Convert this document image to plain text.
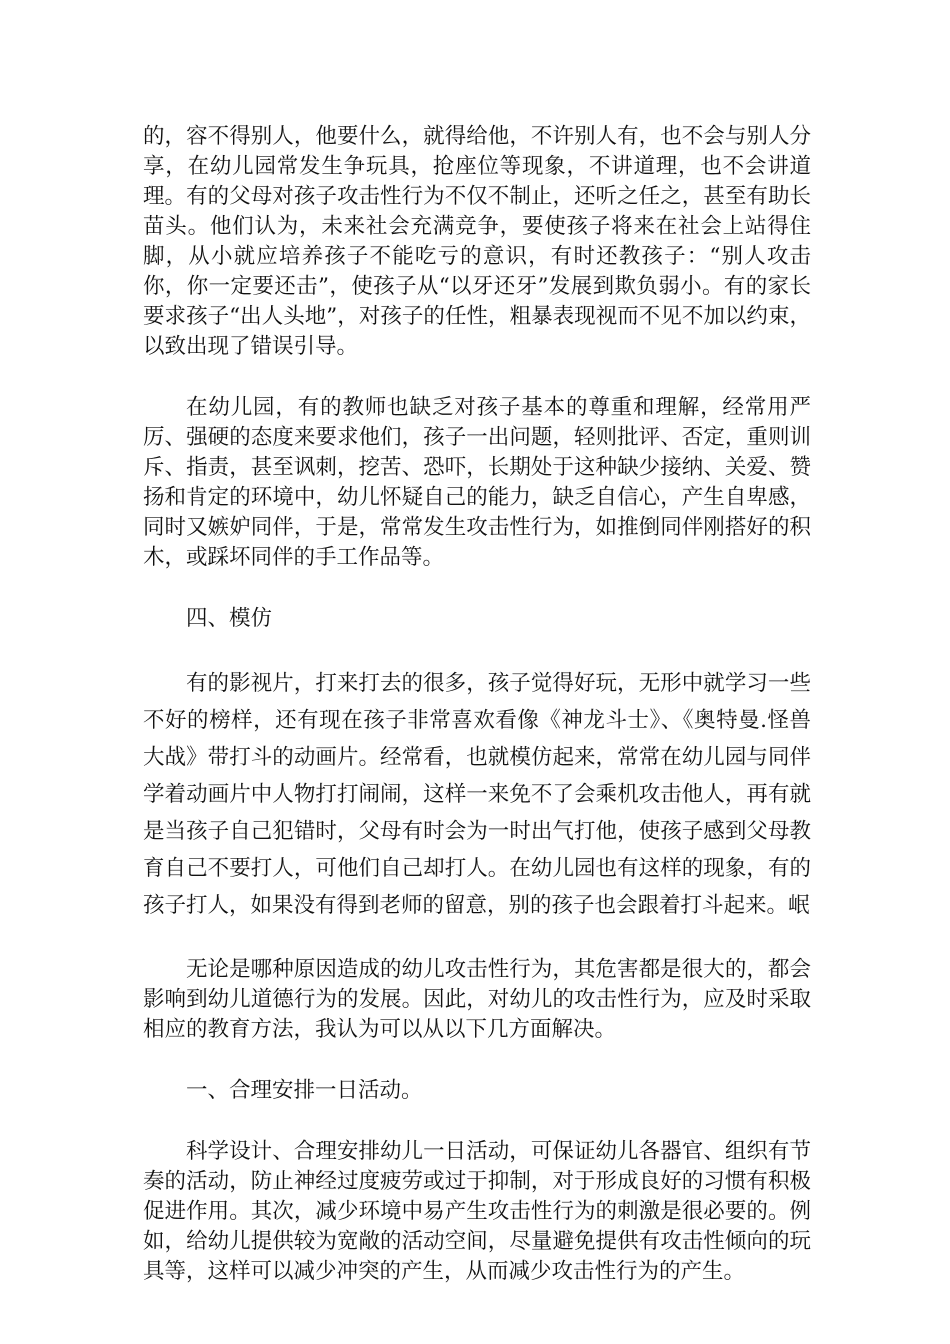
的，容不得别人，他要什么，就得给他，不许别人有，也不会与别人分享，在幼儿园常发生争玩具，抢座位等现象，不讲道理，也不会讲道理。有的父母对孩子攻击性行为不仅不制止，还听之任之，甚至有助长苗头。他们认为，未来社会充满竞争，要使孩子将来在社会上站得住脚，从小就应培养孩子不能吃亏的意识，有时还教孩子：“别人攻击你，你一定要还击”，使孩子从“以牙还牙”发展到欺负弱小。有的家长要求孩子“出人头地”，对孩子的任性，粗暴表现视而不见不加以约束，以致出现了错误引导。

在幼儿园，有的教师也缺乏对孩子基本的尊重和理解，经常用严厉、强硬的态度来要求他们，孩子一出问题，轻则批评、否定，重则训斥、指责，甚至讽刺，挖苦、恐吓，长期处于这种缺少接纳、关爱、赞扬和肯定的环境中，幼儿怀疑自己的能力，缺乏自信心，产生自卑感，同时又嫉妒同伴，于是，常常发生攻击性行为，如推倒同伴刚搭好的积木，或踩坏同伴的手工作品等。

四、模仿

有的影视片，打来打去的很多，孩子觉得好玩，无形中就学习一些不好的榜样，还有现在孩子非常喜欢看像《神龙斗士》、《奥特曼.怪兽大战》带打斗的动画片。经常看，也就模仿起来，常常在幼儿园与同伴学着动画片中人物打打闹闹，这样一来免不了会乘机攻击他人，再有就是当孩子自己犯错时，父母有时会为一时出气打他，使孩子感到父母教育自己不要打人，可他们自己却打人。在幼儿园也有这样的现象，有的孩子打人，如果没有得到老师的留意，别的孩子也会跟着打斗起来。岷

无论是哪种原因造成的幼儿攻击性行为，其危害都是很大的，都会影响到幼儿道德行为的发展。因此，对幼儿的攻击性行为，应及时采取相应的教育方法，我认为可以从以下几方面解决。

一、合理安排一日活动。

科学设计、合理安排幼儿一日活动，可保证幼儿各器官、组织有节奏的活动，防止神经过度疲劳或过于抑制，对于形成良好的习惯有积极促进作用。其次，减少环境中易产生攻击性行为的刺激是很必要的。例如，给幼儿提供较为宽敞的活动空间，尽量避免提供有攻击性倾向的玩具等，这样可以减少冲突的产生，从而减少攻击性行为的产生。
